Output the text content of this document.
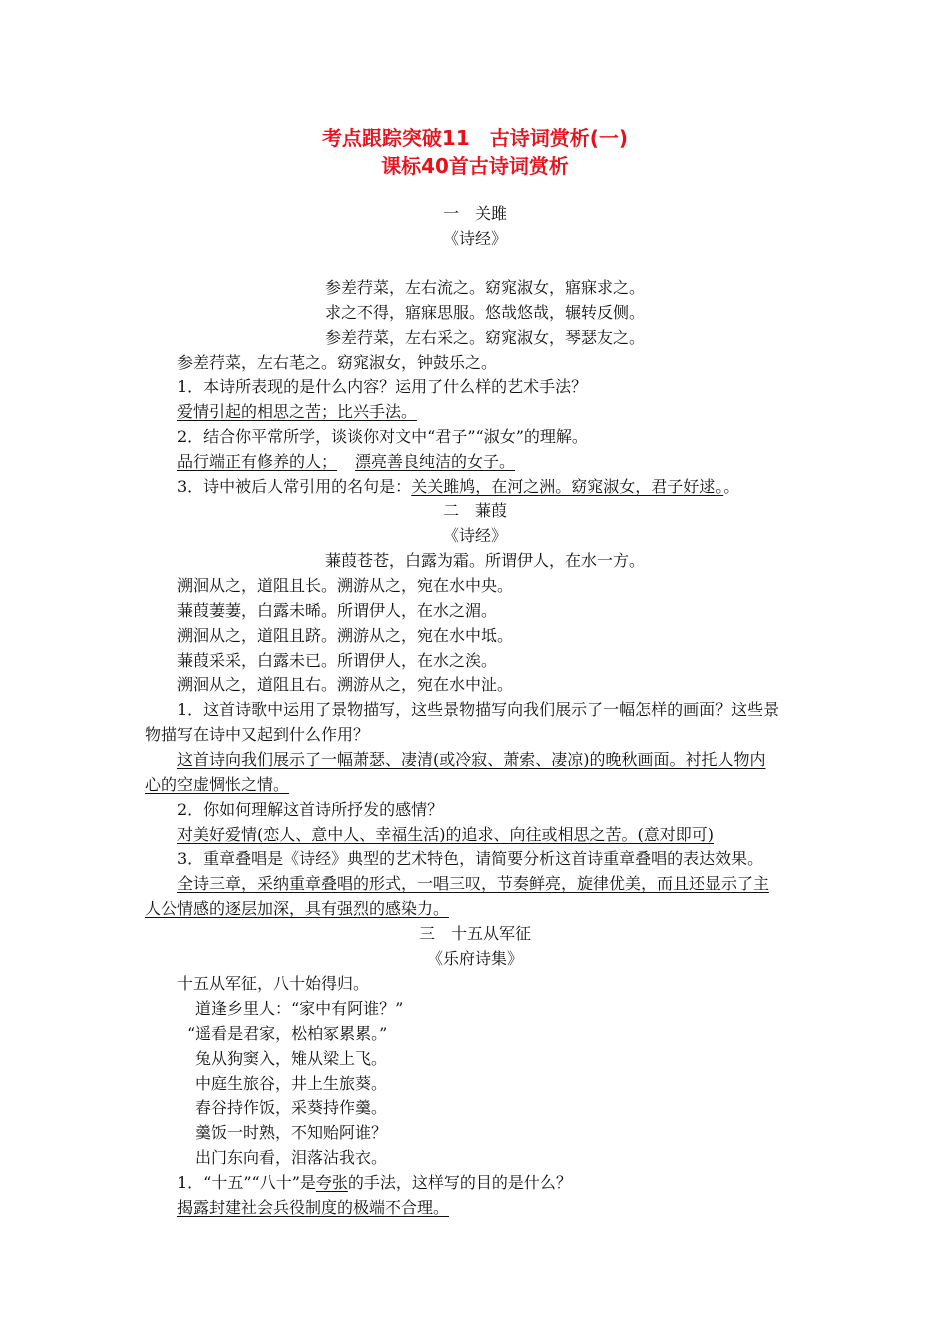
考点跟踪突破11　古诗词赏析(一)
课标40首古诗词赏析
一　关雎
《诗经》
参差荇菜，左右流之。窈窕淑女，寤寐求之。
求之不得，寤寐思服。悠哉悠哉，辗转反侧。
参差荇菜，左右采之。窈窕淑女，琴瑟友之。
参差荇菜，左右芼之。窈窕淑女，钟鼓乐之。
1．本诗所表现的是什么内容？运用了什么样的艺术手法？
爱情引起的相思之苦；比兴手法。
2．结合你平常所学，谈谈你对文中“君子”“淑女”的理解。
品行端正有修养的人； 漂亮善良纯洁的女子。
3．诗中被后人常引用的名句是：关关雎鸠，在河之洲。窈窕淑女，君子好逑。。
二　蒹葭
《诗经》
蒹葭苍苍，白露为霜。所谓伊人，在水一方。
溯洄从之，道阻且长。溯游从之，宛在水中央。
蒹葭萋萋，白露未晞。所谓伊人，在水之湄。
溯洄从之，道阻且跻。溯游从之，宛在水中坻。
蒹葭采采，白露未已。所谓伊人，在水之涘。
溯洄从之，道阻且右。溯游从之，宛在水中沚。
1．这首诗歌中运用了景物描写，这些景物描写向我们展示了一幅怎样的画面？这些景
物描写在诗中又起到什么作用？
这首诗向我们展示了一幅萧瑟、凄清(或冷寂、萧索、凄凉)的晚秋画面。衬托人物内
心的空虚惆怅之情。
2．你如何理解这首诗所抒发的感情？
对美好爱情(恋人、意中人、幸福生活)的追求、向往或相思之苦。(意对即可)
3．重章叠唱是《诗经》典型的艺术特色，请简要分析这首诗重章叠唱的表达效果。
全诗三章，采纳重章叠唱的形式，一唱三叹，节奏鲜亮，旋律优美，而且还显示了主
人公情感的逐层加深，具有强烈的感染力。
三　十五从军征
《乐府诗集》
十五从军征，八十始得归。
道逢乡里人：“家中有阿谁？”
“遥看是君家，松柏冢累累。”
兔从狗窦入，雉从梁上飞。
中庭生旅谷，井上生旅葵。
舂谷持作饭，采葵持作羹。
羹饭一时熟，不知贻阿谁？
出门东向看，泪落沾我衣。
1．“十五”“八十”是夸张的手法，这样写的目的是什么？
揭露封建社会兵役制度的极端不合理。
